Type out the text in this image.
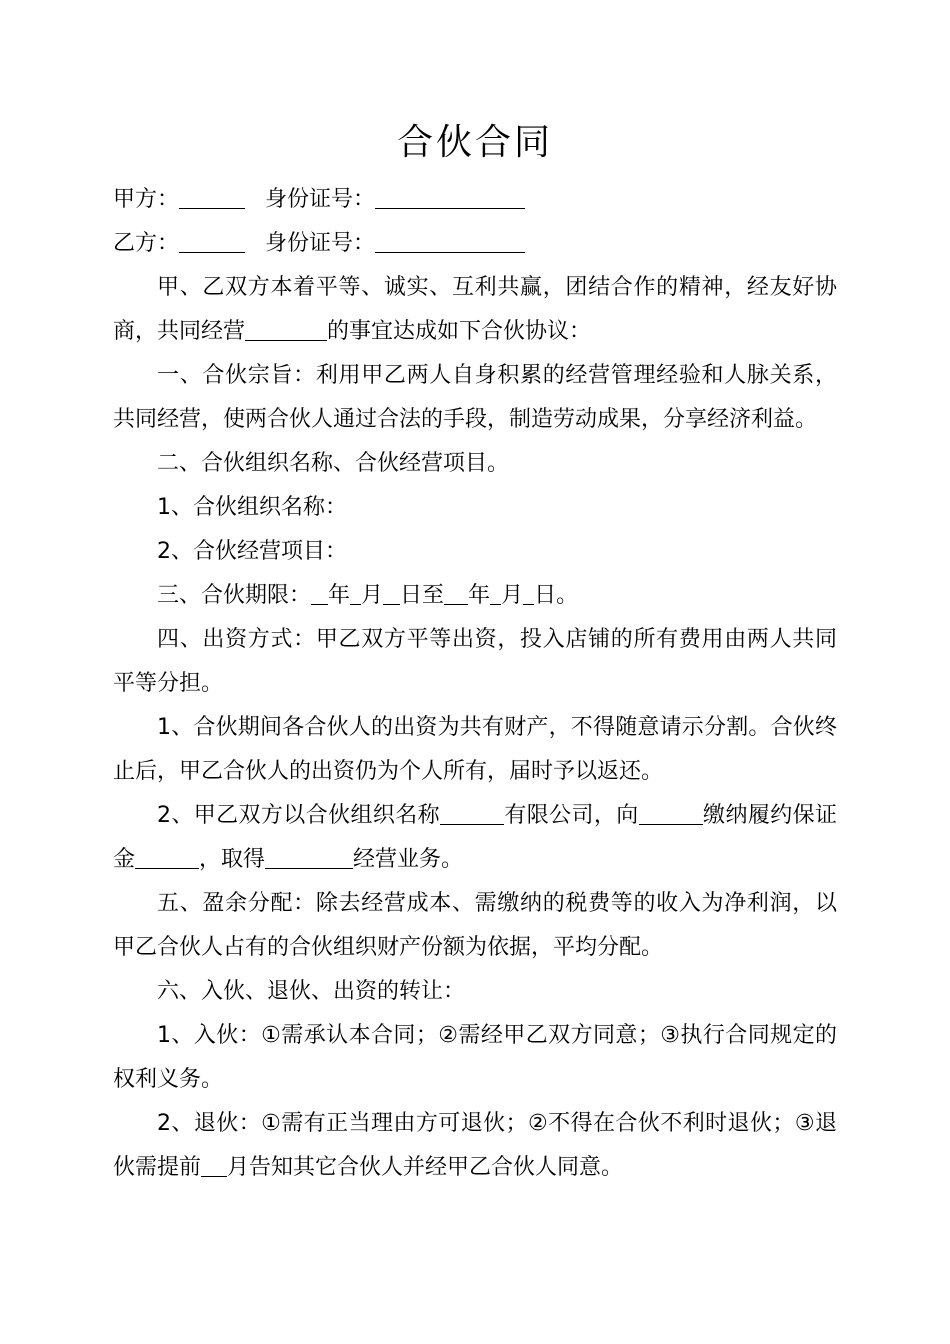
合伙合同
甲方：	身份证号：
乙方：	身份证号：

甲、乙双方本着平等、诚实、互利共赢，团结合作的精神，经友好协商，共同经营	的事宜达成如下合伙协议：

一、合伙宗旨：利用甲乙两人自身积累的经营管理经验和人脉关系，共同经营，使两合伙人通过合法的手段，制造劳动成果，分享经济利益。

二、合伙组织名称、合伙经营项目。

1、合伙组织名称：

2、合伙经营项目：

三、合伙期限： 年 月 日至 年 月 日。

四、出资方式：甲乙双方平等出资，投入店铺的所有费用由两人共同平等分担。

1、合伙期间各合伙人的出资为共有财产，不得随意请示分割。合伙终止后，甲乙合伙人的出资仍为个人所有，届时予以返还。

2、甲乙双方以合伙组织名称	有限公司，向	缴纳履约保证金	，取得	经营业务。

五、盈余分配：除去经营成本、需缴纳的税费等的收入为净利润，以甲乙合伙人占有的合伙组织财产份额为依据，平均分配。

六、入伙、退伙、出资的转让：

1、入伙：①需承认本合同；②需经甲乙双方同意；③执行合同规定的权利义务。

2、退伙：①需有正当理由方可退伙；②不得在合伙不利时退伙；③退伙需提前 月告知其它合伙人并经甲乙合伙人同意。
